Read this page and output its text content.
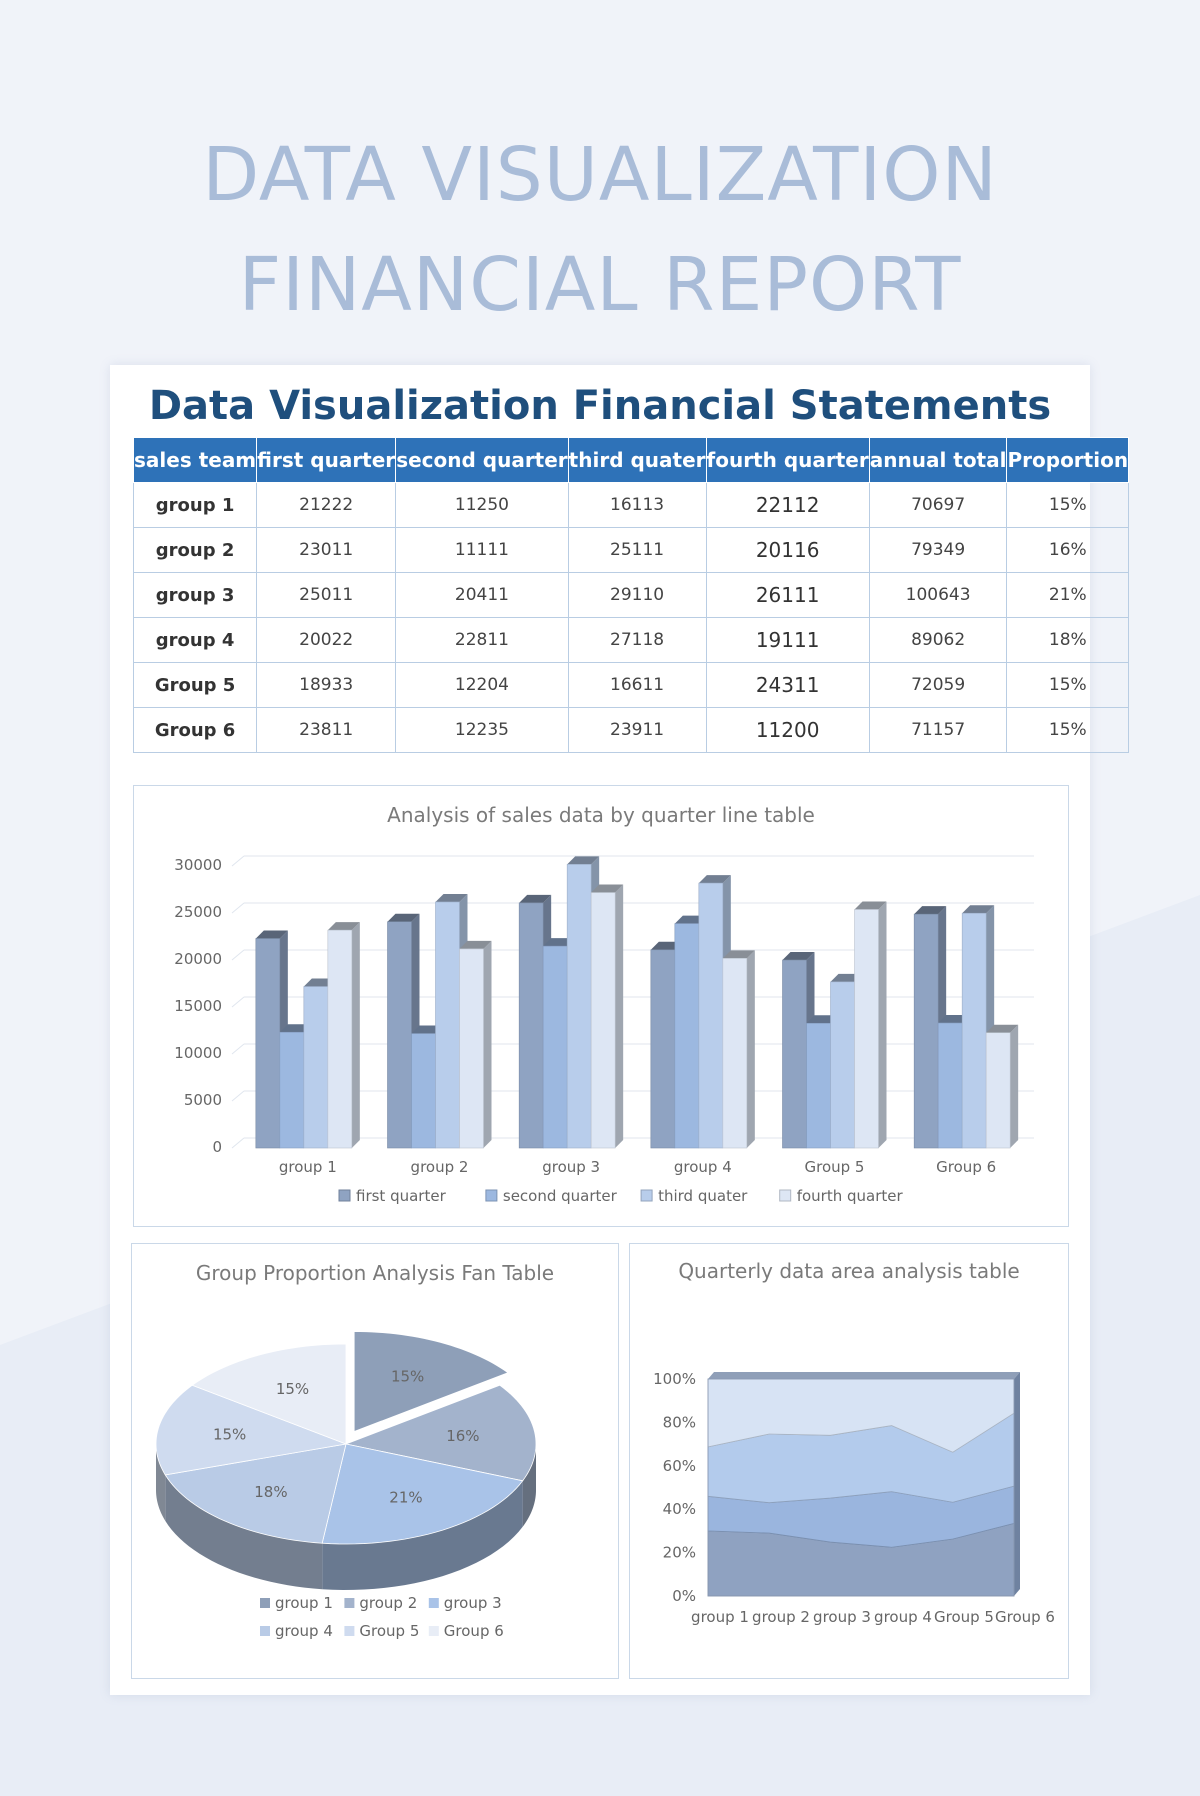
DATA VISUALIZATION
FINANCIAL REPORT
Data Visualization Financial Statements
sales team	first quarter	second quarter	third quater	fourth quarter	annual total	Proportion
group 1	21222	11250	16113	22112	70697	15%
group 2	23011	11111	25111	20116	79349	16%
group 3	25011	20411	29110	26111	100643	21%
group 4	20022	22811	27118	19111	89062	18%
Group 5	18933	12204	16611	24311	72059	15%
Group 6	23811	12235	23911	11200	71157	15%
Analysis of sales data by quarter line table
0
5000
10000
15000
20000
25000
30000
group 1	group 2	group 3	group 4	Group 5	Group 6
first quarter	second quarter	third quater	fourth quarter
Group Proportion Analysis Fan Table
15%
16%
21%
18%
15%
15%
group 1 group 2 group 3
group 4 Group 5 Group 6
Quarterly data area analysis table
0%
20%
40%
60%
80%
100%
group 1 group 2 group 3 group 4 Group 5 Group 6
